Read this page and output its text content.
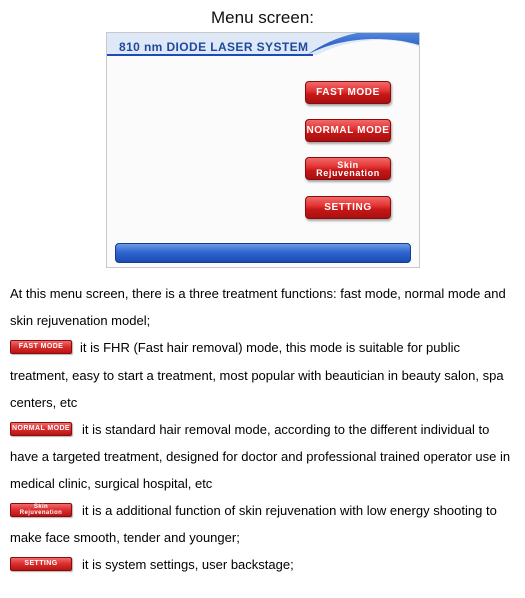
Menu screen:
810 nm DIODE LASER SYSTEM
FAST MODE
NORMAL MODE
Skin
Rejuvenation
SETTING
At this menu screen, there is a three treatment functions: fast mode, normal mode and
skin rejuvenation model;
FAST MODE	it is FHR (Fast hair removal) mode, this mode is suitable for public
treatment, easy to start a treatment, most popular with beautician in beauty salon, spa
centers, etc
NORMAL MODE it is standard hair removal mode, according to the different individual to
have a targeted treatment, designed for doctor and professional trained operator use in
medical clinic, surgical hospital, etc
Skin
Rejuvenation it is a additional function of skin rejuvenation with low energy shooting to
make face smooth, tender and younger;
SETTING	it is system settings, user backstage;
